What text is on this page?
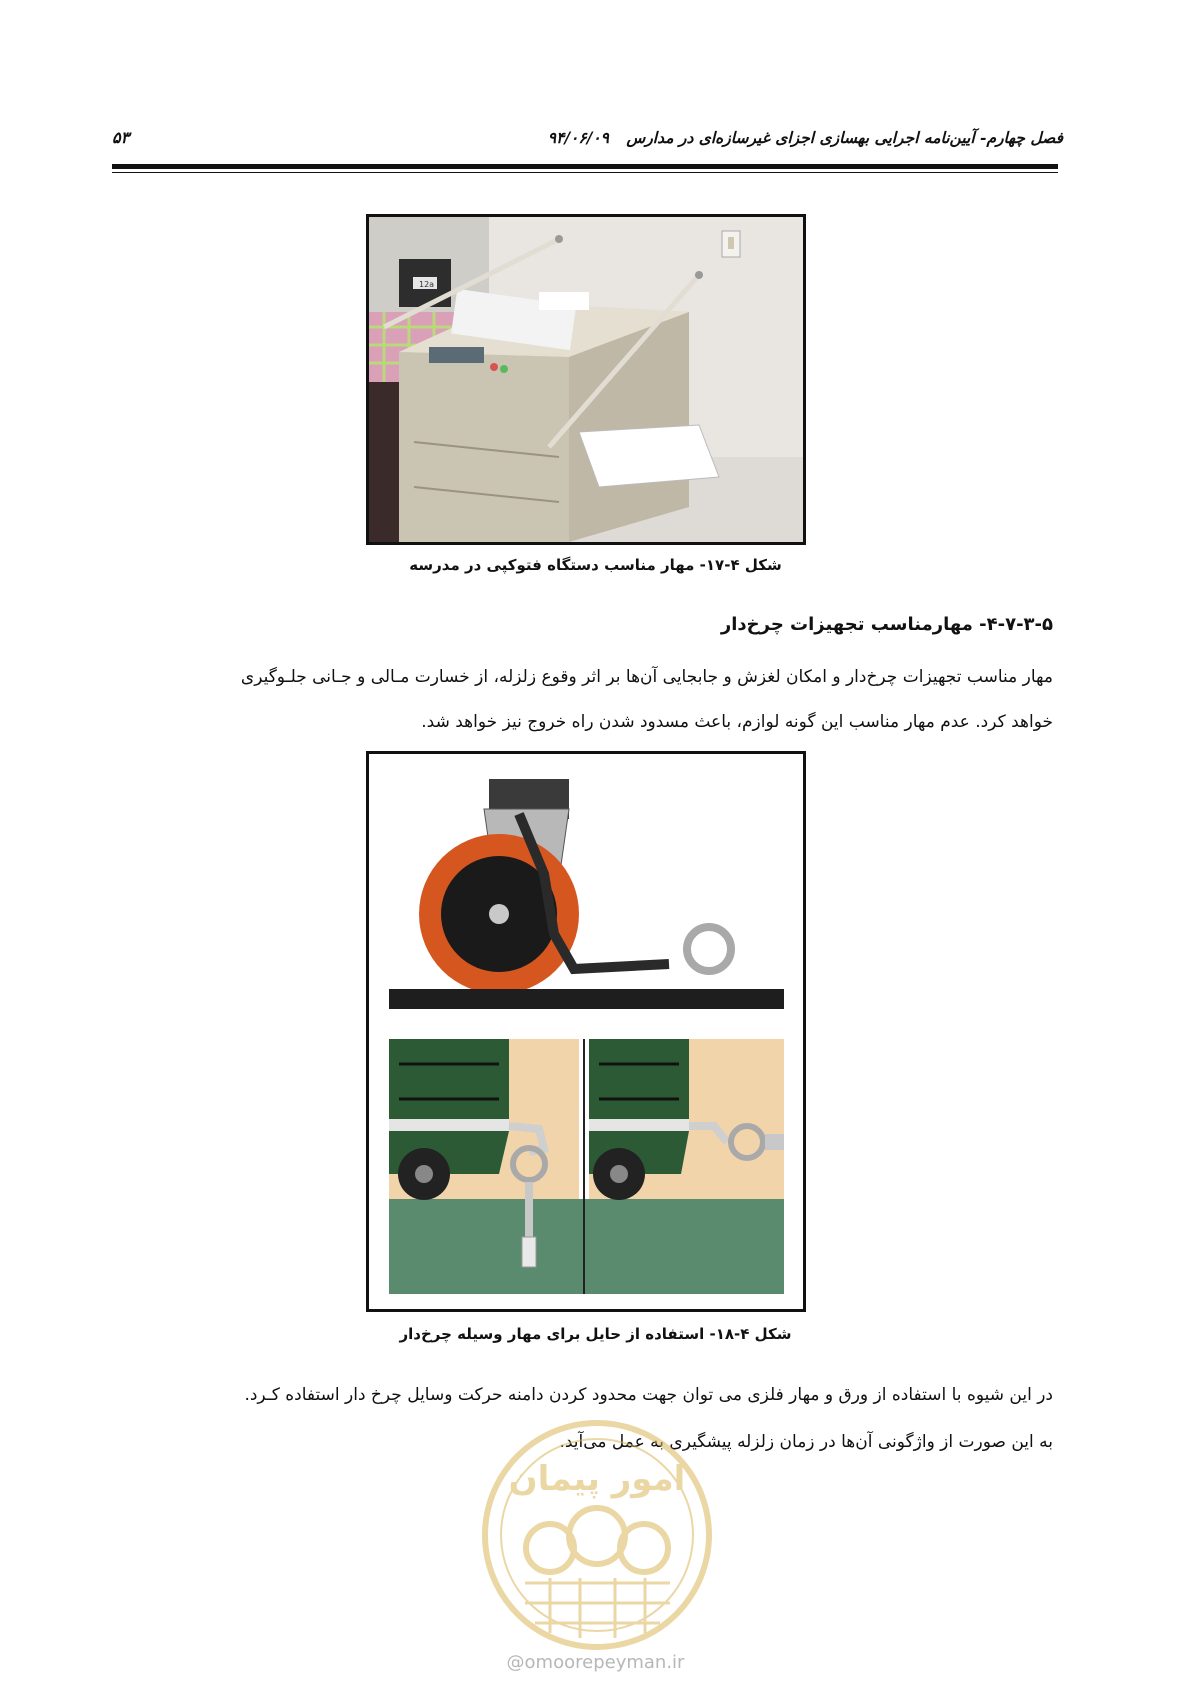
فصل چهارم- آیین‌نامه اجرایی بهسازی اجزای غیرسازه‌ای در مدارس ۹۴/۰۶/۰۹
۵۳
12a
شکل ۴-۱۷- مهار مناسب دستگاه فتوکپی در مدرسه
۴-۷-۳-۵- مهارمناسب تجهیزات چرخ‌دار
مهار مناسب تجهیزات چرخ‌دار و امکان لغزش و جابجایی آن‌ها بر اثر وقوع زلزله، از خسارت مـالی و جـانی جلـوگیری
خواهد کرد. عدم مهار مناسب این گونه لوازم، باعث مسدود شدن راه خروج نیز خواهد شد.
شکل ۴-۱۸- استفاده از حایل برای مهار وسیله چرخ‌دار
در این شیوه با استفاده از ورق و مهار فلزی می توان جهت محدود کردن دامنه حرکت وسایل چرخ دار استفاده کـرد.
به این صورت از واژگونی آن‌ها در زمان زلزله پیشگیری به عمل می‌آید.
امور پیمان
@omoorepeyman.ir
